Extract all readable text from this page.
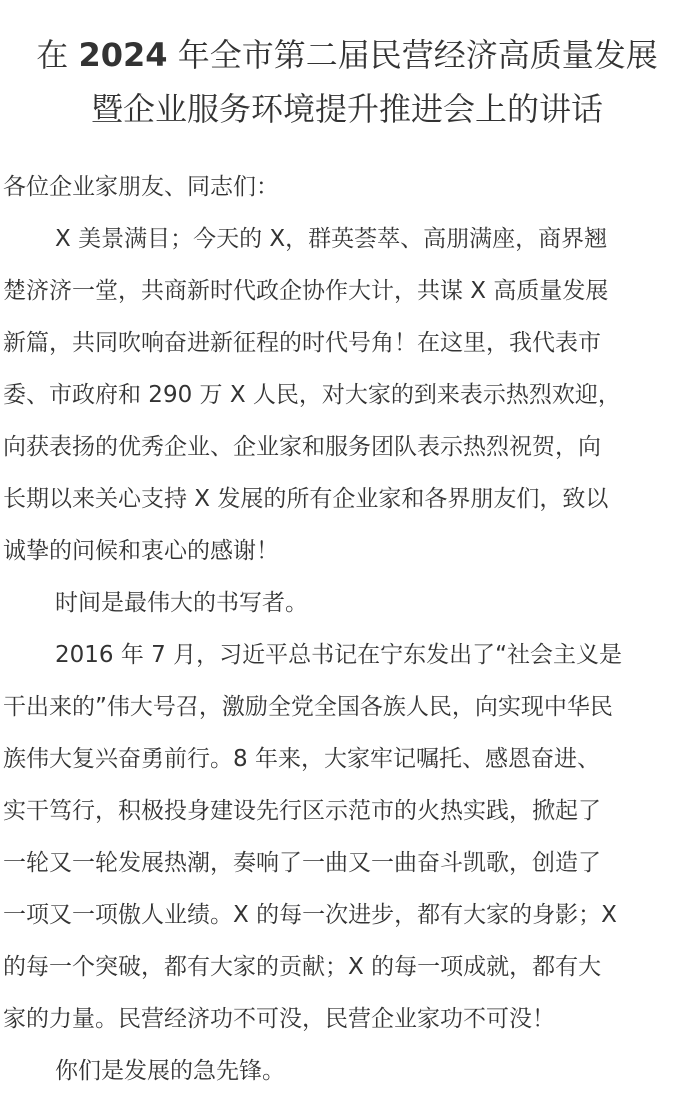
在 2024 年全市第二届民营经济高质量发展
暨企业服务环境提升推进会上的讲话
各位企业家朋友、同志们：
X 美景满目；今天的 X，群英荟萃、高朋满座，商界翘
楚济济一堂，共商新时代政企协作大计，共谋 X 高质量发展
新篇，共同吹响奋进新征程的时代号角！在这里，我代表市
委、市政府和 290 万 X 人民，对大家的到来表示热烈欢迎，
向获表扬的优秀企业、企业家和服务团队表示热烈祝贺，向
长期以来关心支持 X 发展的所有企业家和各界朋友们，致以
诚挚的问候和衷心的感谢！
时间是最伟大的书写者。
2016 年 7 月，习近平总书记在宁东发出了“社会主义是
干出来的”伟大号召，激励全党全国各族人民，向实现中华民
族伟大复兴奋勇前行。8 年来，大家牢记嘱托、感恩奋进、
实干笃行，积极投身建设先行区示范市的火热实践，掀起了
一轮又一轮发展热潮，奏响了一曲又一曲奋斗凯歌，创造了
一项又一项傲人业绩。X 的每一次进步，都有大家的身影；X
的每一个突破，都有大家的贡献；X 的每一项成就，都有大
家的力量。民营经济功不可没，民营企业家功不可没！
你们是发展的急先锋。
